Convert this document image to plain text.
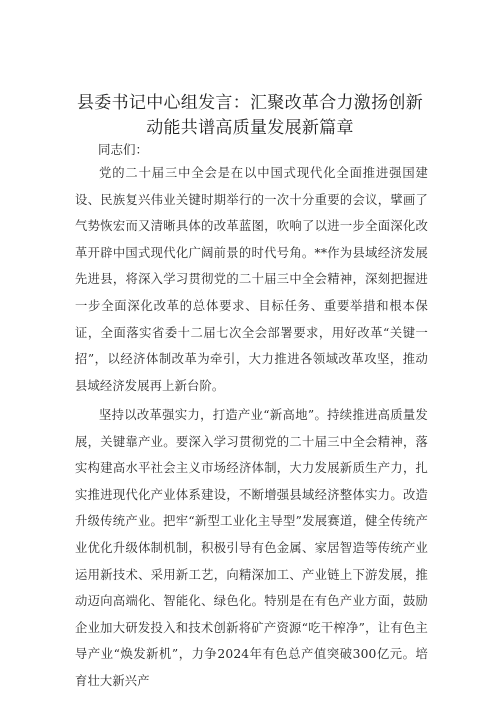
县委书记中心组发言：汇聚改革合力激扬创新
动能共谱高质量发展新篇章
同志们：

党的二十届三中全会是在以中国式现代化全面推进强国建设、民族复兴伟业关键时期举行的一次十分重要的会议，擘画了气势恢宏而又清晰具体的改革蓝图，吹响了以进一步全面深化改革开辟中国式现代化广阔前景的时代号角。**作为县域经济发展先进县，将深入学习贯彻党的二十届三中全会精神，深刻把握进一步全面深化改革的总体要求、目标任务、重要举措和根本保证，全面落实省委十二届七次全会部署要求，用好改革“关键一招”，以经济体制改革为牵引，大力推进各领域改革攻坚，推动县域经济发展再上新台阶。

坚持以改革强实力，打造产业“新高地”。持续推进高质量发展，关键靠产业。要深入学习贯彻党的二十届三中全会精神，落实构建高水平社会主义市场经济体制，大力发展新质生产力，扎实推进现代化产业体系建设，不断增强县域经济整体实力。改造升级传统产业。把牢“新型工业化主导型”发展赛道，健全传统产业优化升级体制机制，积极引导有色金属、家居智造等传统产业运用新技术、采用新工艺，向精深加工、产业链上下游发展，推动迈向高端化、智能化、绿色化。特别是在有色产业方面，鼓励企业加大研发投入和技术创新将矿产资源“吃干榨净”，让有色主导产业“焕发新机”，力争2024年有色总产值突破300亿元。培育壮大新兴产
